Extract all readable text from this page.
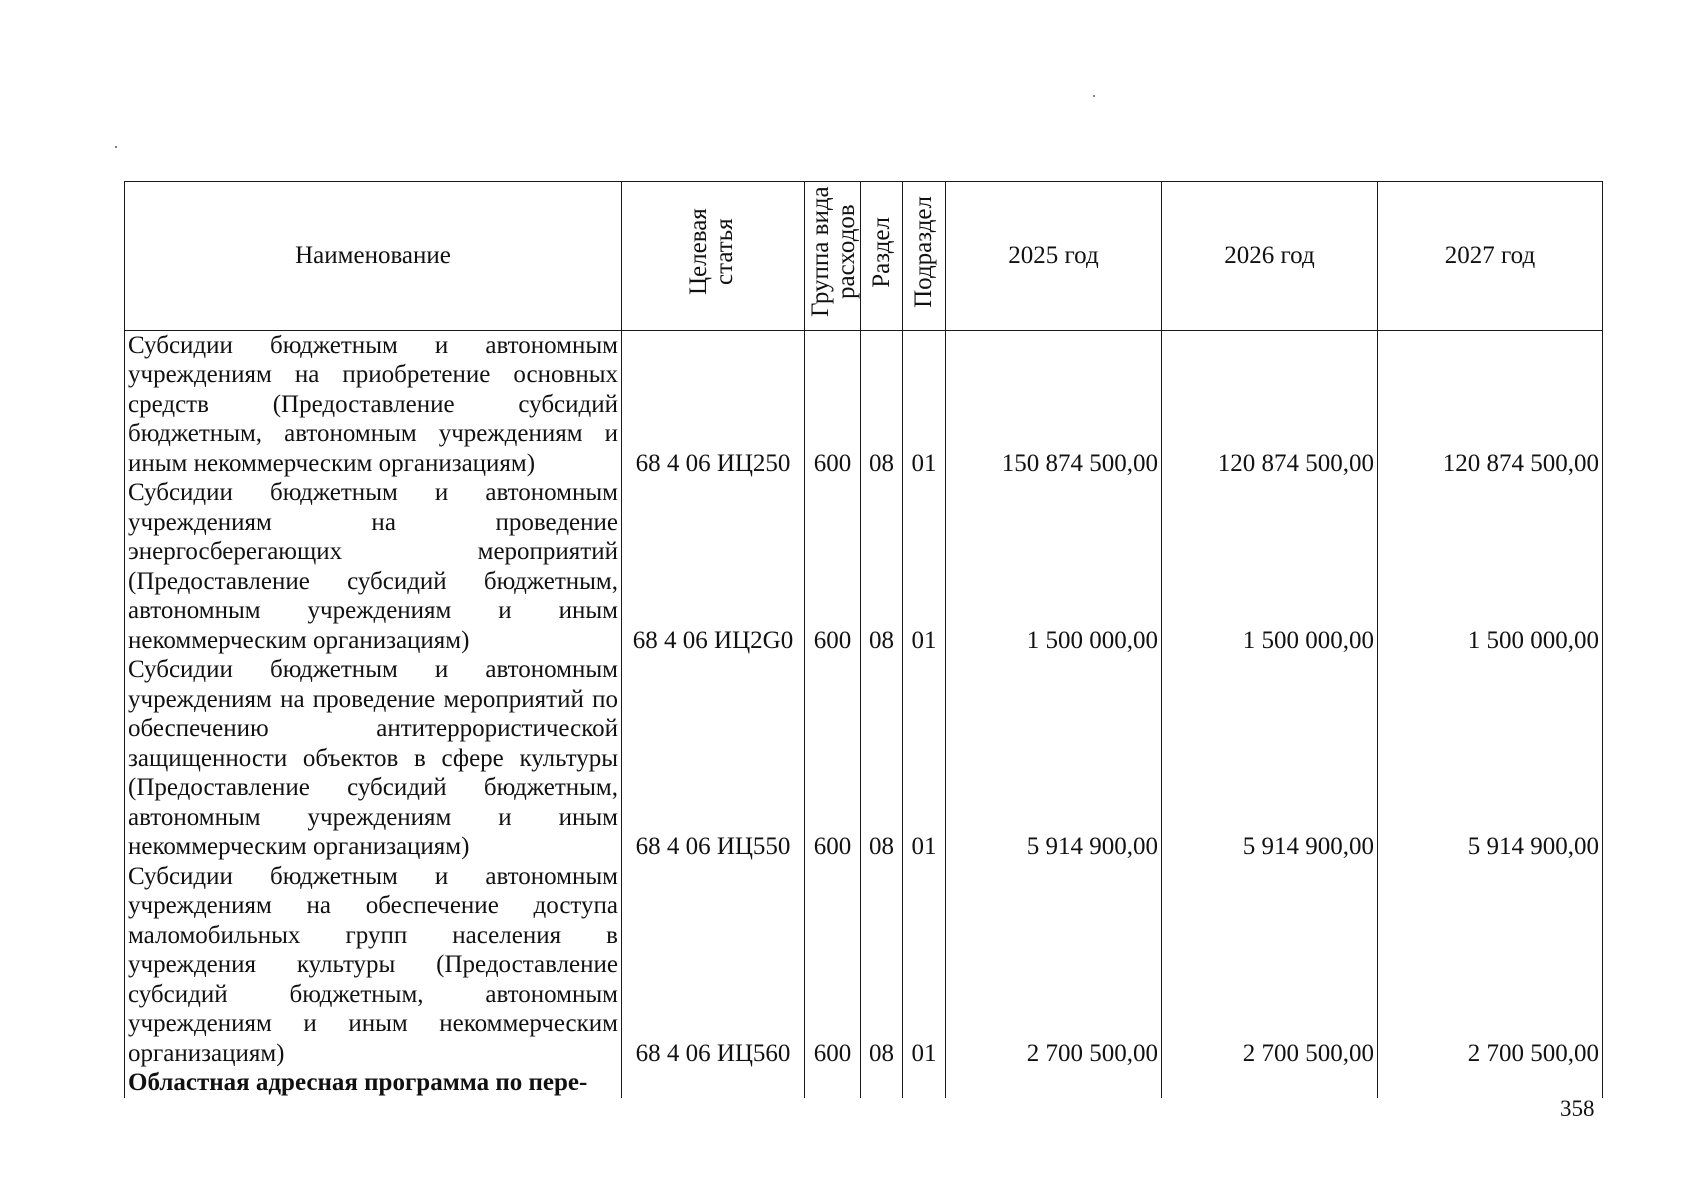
Наименование	Целевая статья	Группа вида расходов	Раздел	Подраздел	2025 год	2026 год	2027 год
Субсидии бюджетным и автономным учреждениям на приобретение основных средств (Предоставление субсидий бюджетным, автономным учреждениям и иным некоммерческим организациям)	68 4 06 ИЦ250	600	08	01	150 874 500,00	120 874 500,00	120 874 500,00
Субсидии бюджетным и автономным учреждениям на проведение энергосберегающих мероприятий (Предоставление субсидий бюджетным, автономным учреждениям и иным некоммерческим организациям)	68 4 06 ИЦ2G0	600	08	01	1 500 000,00	1 500 000,00	1 500 000,00
Субсидии бюджетным и автономным учреждениям на проведение мероприятий по обеспечению антитеррористической защищенности объектов в сфере культуры (Предоставление субсидий бюджетным, автономным учреждениям и иным некоммерческим организациям)	68 4 06 ИЦ550	600	08	01	5 914 900,00	5 914 900,00	5 914 900,00
Субсидии бюджетным и автономным учреждениям на обеспечение доступа маломобильных групп населения в учреждения культуры (Предоставление субсидий бюджетным, автономным учреждениям и иным некоммерческим организациям)	68 4 06 ИЦ560	600	08	01	2 700 500,00	2 700 500,00	2 700 500,00
Областная адресная программа по пере-							
358
